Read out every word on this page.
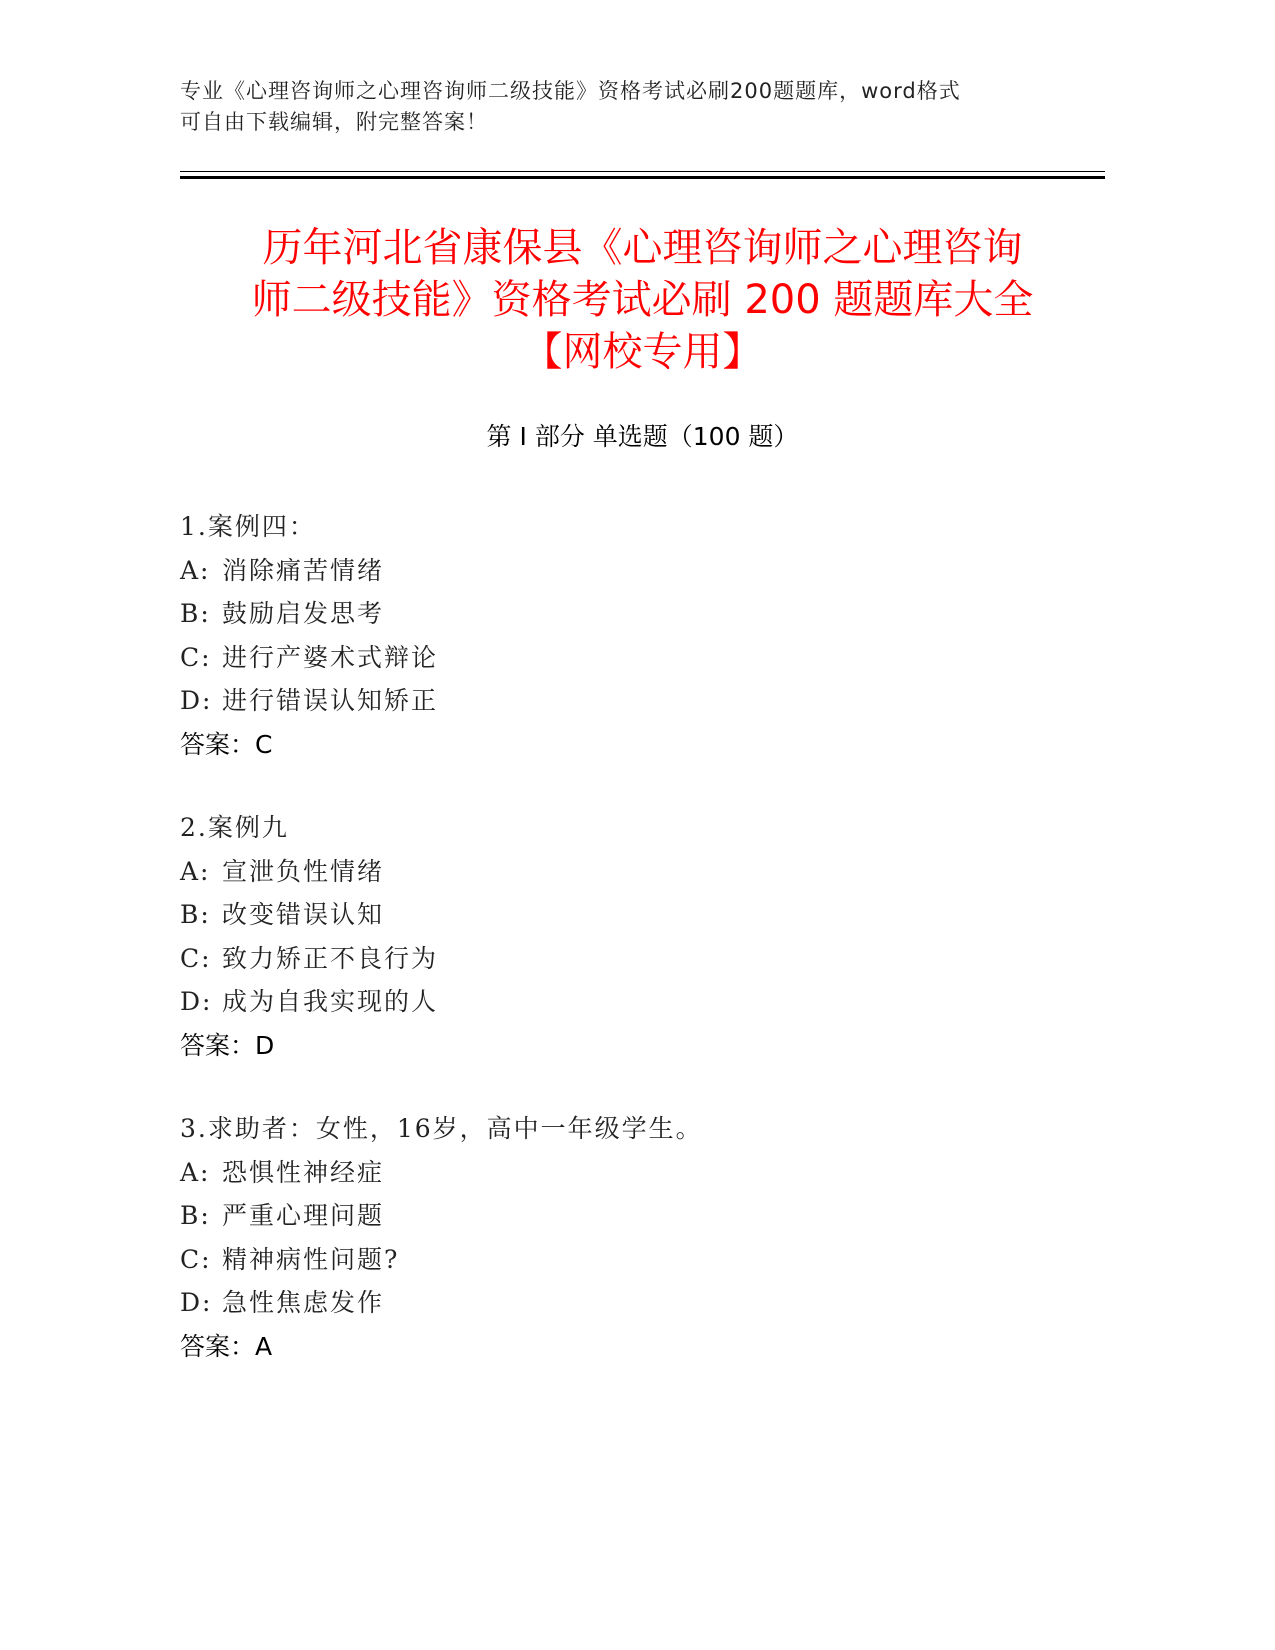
专业《心理咨询师之心理咨询师二级技能》资格考试必刷200题题库，word格式
可自由下载编辑，附完整答案！
历年河北省康保县《心理咨询师之心理咨询
师二级技能》资格考试必刷 200 题题库大全
【网校专用】
第 I 部分 单选题（100 题）
1.案例四：
A: 消除痛苦情绪
B: 鼓励启发思考
C: 进行产婆术式辩论
D: 进行错误认知矫正
答案：C
2.案例九
A: 宣泄负性情绪
B: 改变错误认知
C: 致力矫正不良行为
D: 成为自我实现的人
答案：D
3.求助者：女性，16岁，高中一年级学生。
A: 恐惧性神经症
B: 严重心理问题
C: 精神病性问题?
D: 急性焦虑发作
答案：A
